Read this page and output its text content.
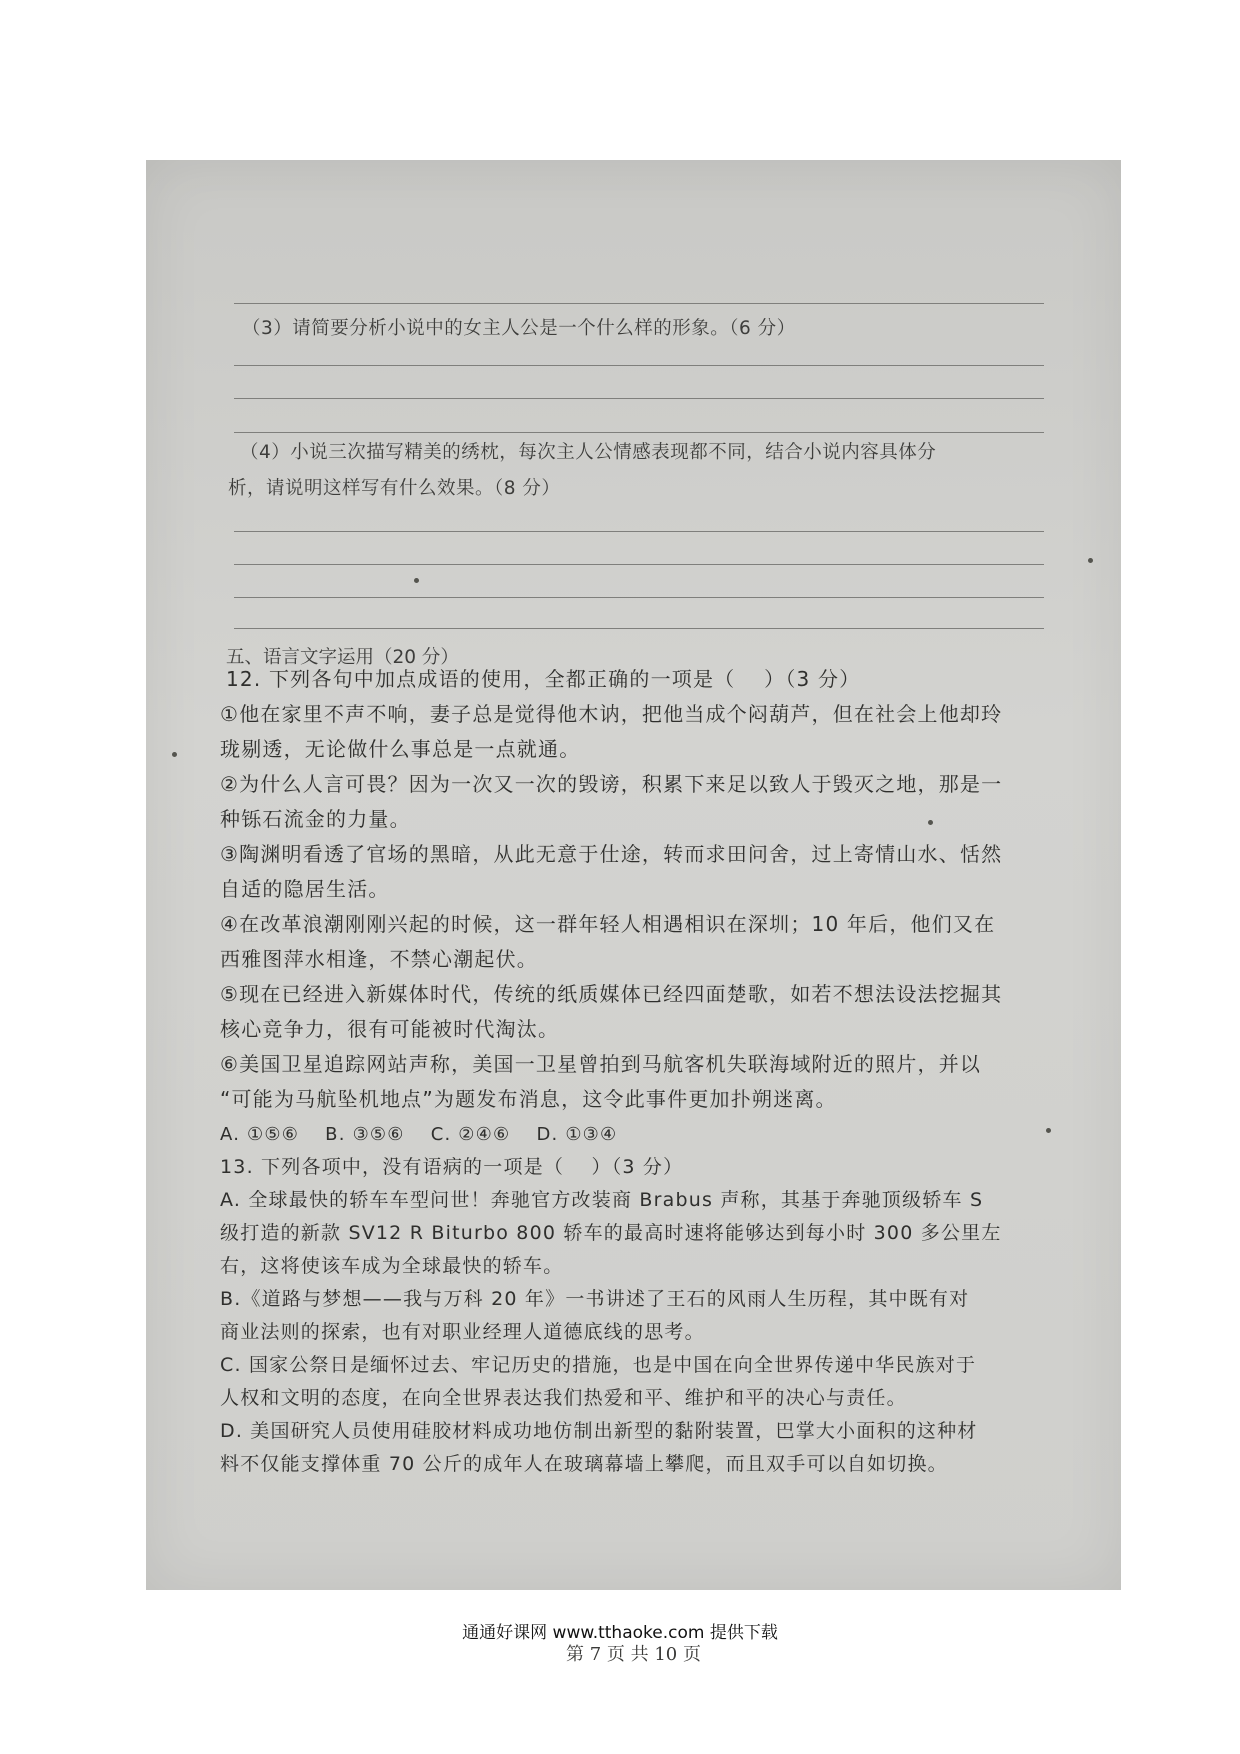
（3）请简要分析小说中的女主人公是一个什么样的形象。（6 分）
（4）小说三次描写精美的绣枕，每次主人公情感表现都不同，结合小说内容具体分
析，请说明这样写有什么效果。（8 分）
五、语言文字运用（20 分）
第 7 页 共 10 页
12. 下列各句中加点成语的使用，全都正确的一项是（　 ）（3 分）
①他在家里不声不响，妻子总是觉得他木讷，把他当成个闷葫芦，但在社会上他却玲
珑剔透，无论做什么事总是一点就通。
②为什么人言可畏？因为一次又一次的毁谤，积累下来足以致人于毁灭之地，那是一
种铄石流金的力量。
③陶渊明看透了官场的黑暗，从此无意于仕途，转而求田问舍，过上寄情山水、恬然
自适的隐居生活。
④在改革浪潮刚刚兴起的时候，这一群年轻人相遇相识在深圳；10 年后，他们又在
西雅图萍水相逢，不禁心潮起伏。
⑤现在已经进入新媒体时代，传统的纸质媒体已经四面楚歌，如若不想法设法挖掘其
核心竞争力，很有可能被时代淘汰。
⑥美国卫星追踪网站声称，美国一卫星曾拍到马航客机失联海域附近的照片，并以
“可能为马航坠机地点”为题发布消息，这令此事件更加扑朔迷离。
A. ①⑤⑥　 B. ③⑤⑥　 C. ②④⑥　 D. ①③④
13. 下列各项中，没有语病的一项是（　 ）（3 分）
A. 全球最快的轿车车型问世！奔驰官方改装商 Brabus 声称，其基于奔驰顶级轿车 S
级打造的新款 SV12 R Biturbo 800 轿车的最高时速将能够达到每小时 300 多公里左
右，这将使该车成为全球最快的轿车。
B.《道路与梦想——我与万科 20 年》一书讲述了王石的风雨人生历程，其中既有对
商业法则的探索，也有对职业经理人道德底线的思考。
C. 国家公祭日是缅怀过去、牢记历史的措施，也是中国在向全世界传递中华民族对于
人权和文明的态度，在向全世界表达我们热爱和平、维护和平的决心与责任。
D. 美国研究人员使用硅胶材料成功地仿制出新型的黏附装置，巴掌大小面积的这种材
料不仅能支撑体重 70 公斤的成年人在玻璃幕墙上攀爬，而且双手可以自如切换。
通通好课网 www.tthaoke.com 提供下载
